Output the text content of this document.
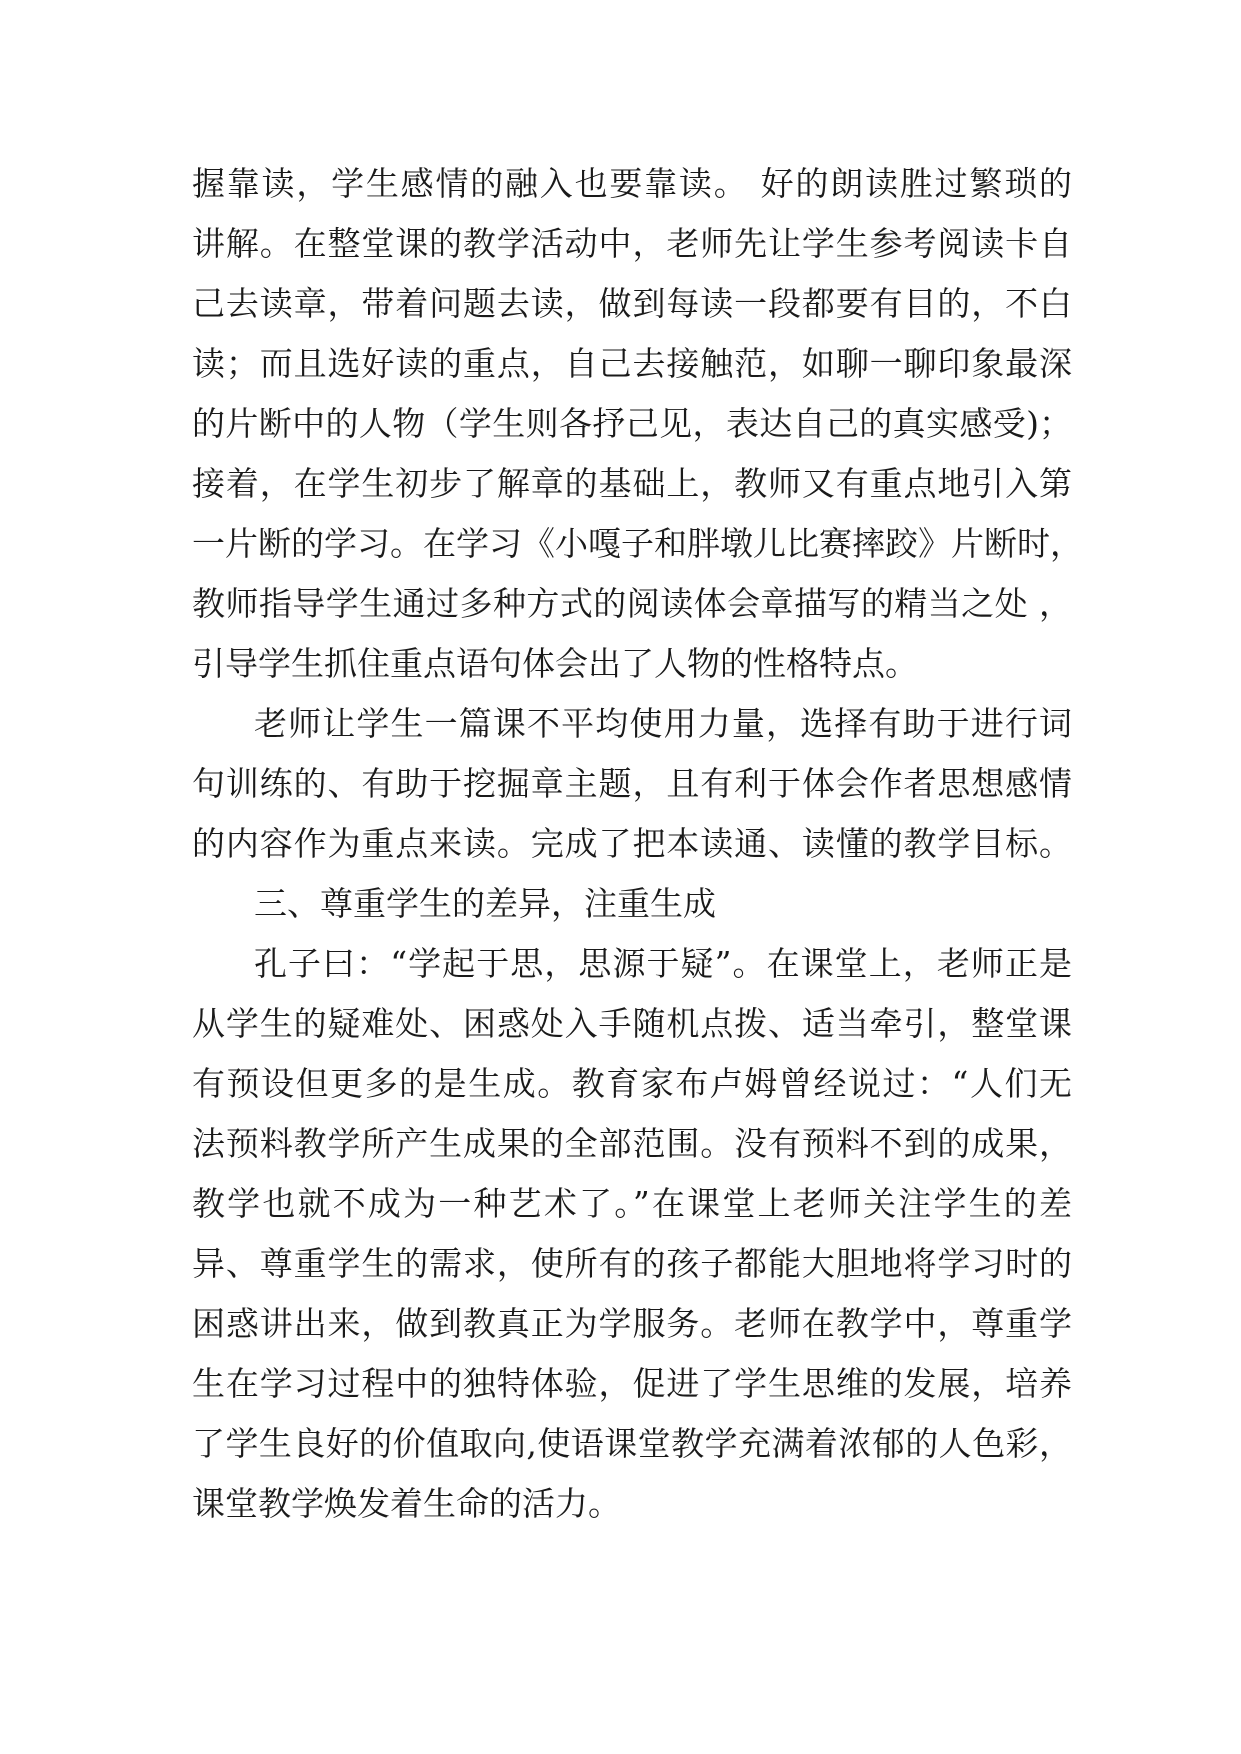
握靠读，学生感情的融入也要靠读。 好的朗读胜过繁琐的
讲解。在整堂课的教学活动中，老师先让学生参考阅读卡自
己去读章，带着问题去读，做到每读一段都要有目的，不白
读；而且选好读的重点，自己去接触范，如聊一聊印象最深
的片断中的人物（学生则各抒己见，表达自己的真实感受)；
接着，在学生初步了解章的基础上，教师又有重点地引入第
一片断的学习。在学习《小嘎子和胖墩儿比赛摔跤》片断时，
教师指导学生通过多种方式的阅读体会章描写的精当之处 ，
引导学生抓住重点语句体会出了人物的性格特点。
老师让学生一篇课不平均使用力量，选择有助于进行词
句训练的、有助于挖掘章主题，且有利于体会作者思想感情
的内容作为重点来读。完成了把本读通、读懂的教学目标。
三、尊重学生的差异，注重生成
孔子曰：“学起于思，思源于疑”。在课堂上，老师正是
从学生的疑难处、困惑处入手随机点拨、适当牵引，整堂课
有预设但更多的是生成。教育家布卢姆曾经说过：“人们无
法预料教学所产生成果的全部范围。没有预料不到的成果，
教学也就不成为一种艺术了。”在课堂上老师关注学生的差
异、尊重学生的需求，使所有的孩子都能大胆地将学习时的
困惑讲出来，做到教真正为学服务。老师在教学中，尊重学
生在学习过程中的独特体验，促进了学生思维的发展，培养
了学生良好的价值取向,使语课堂教学充满着浓郁的人色彩，
课堂教学焕发着生命的活力。
